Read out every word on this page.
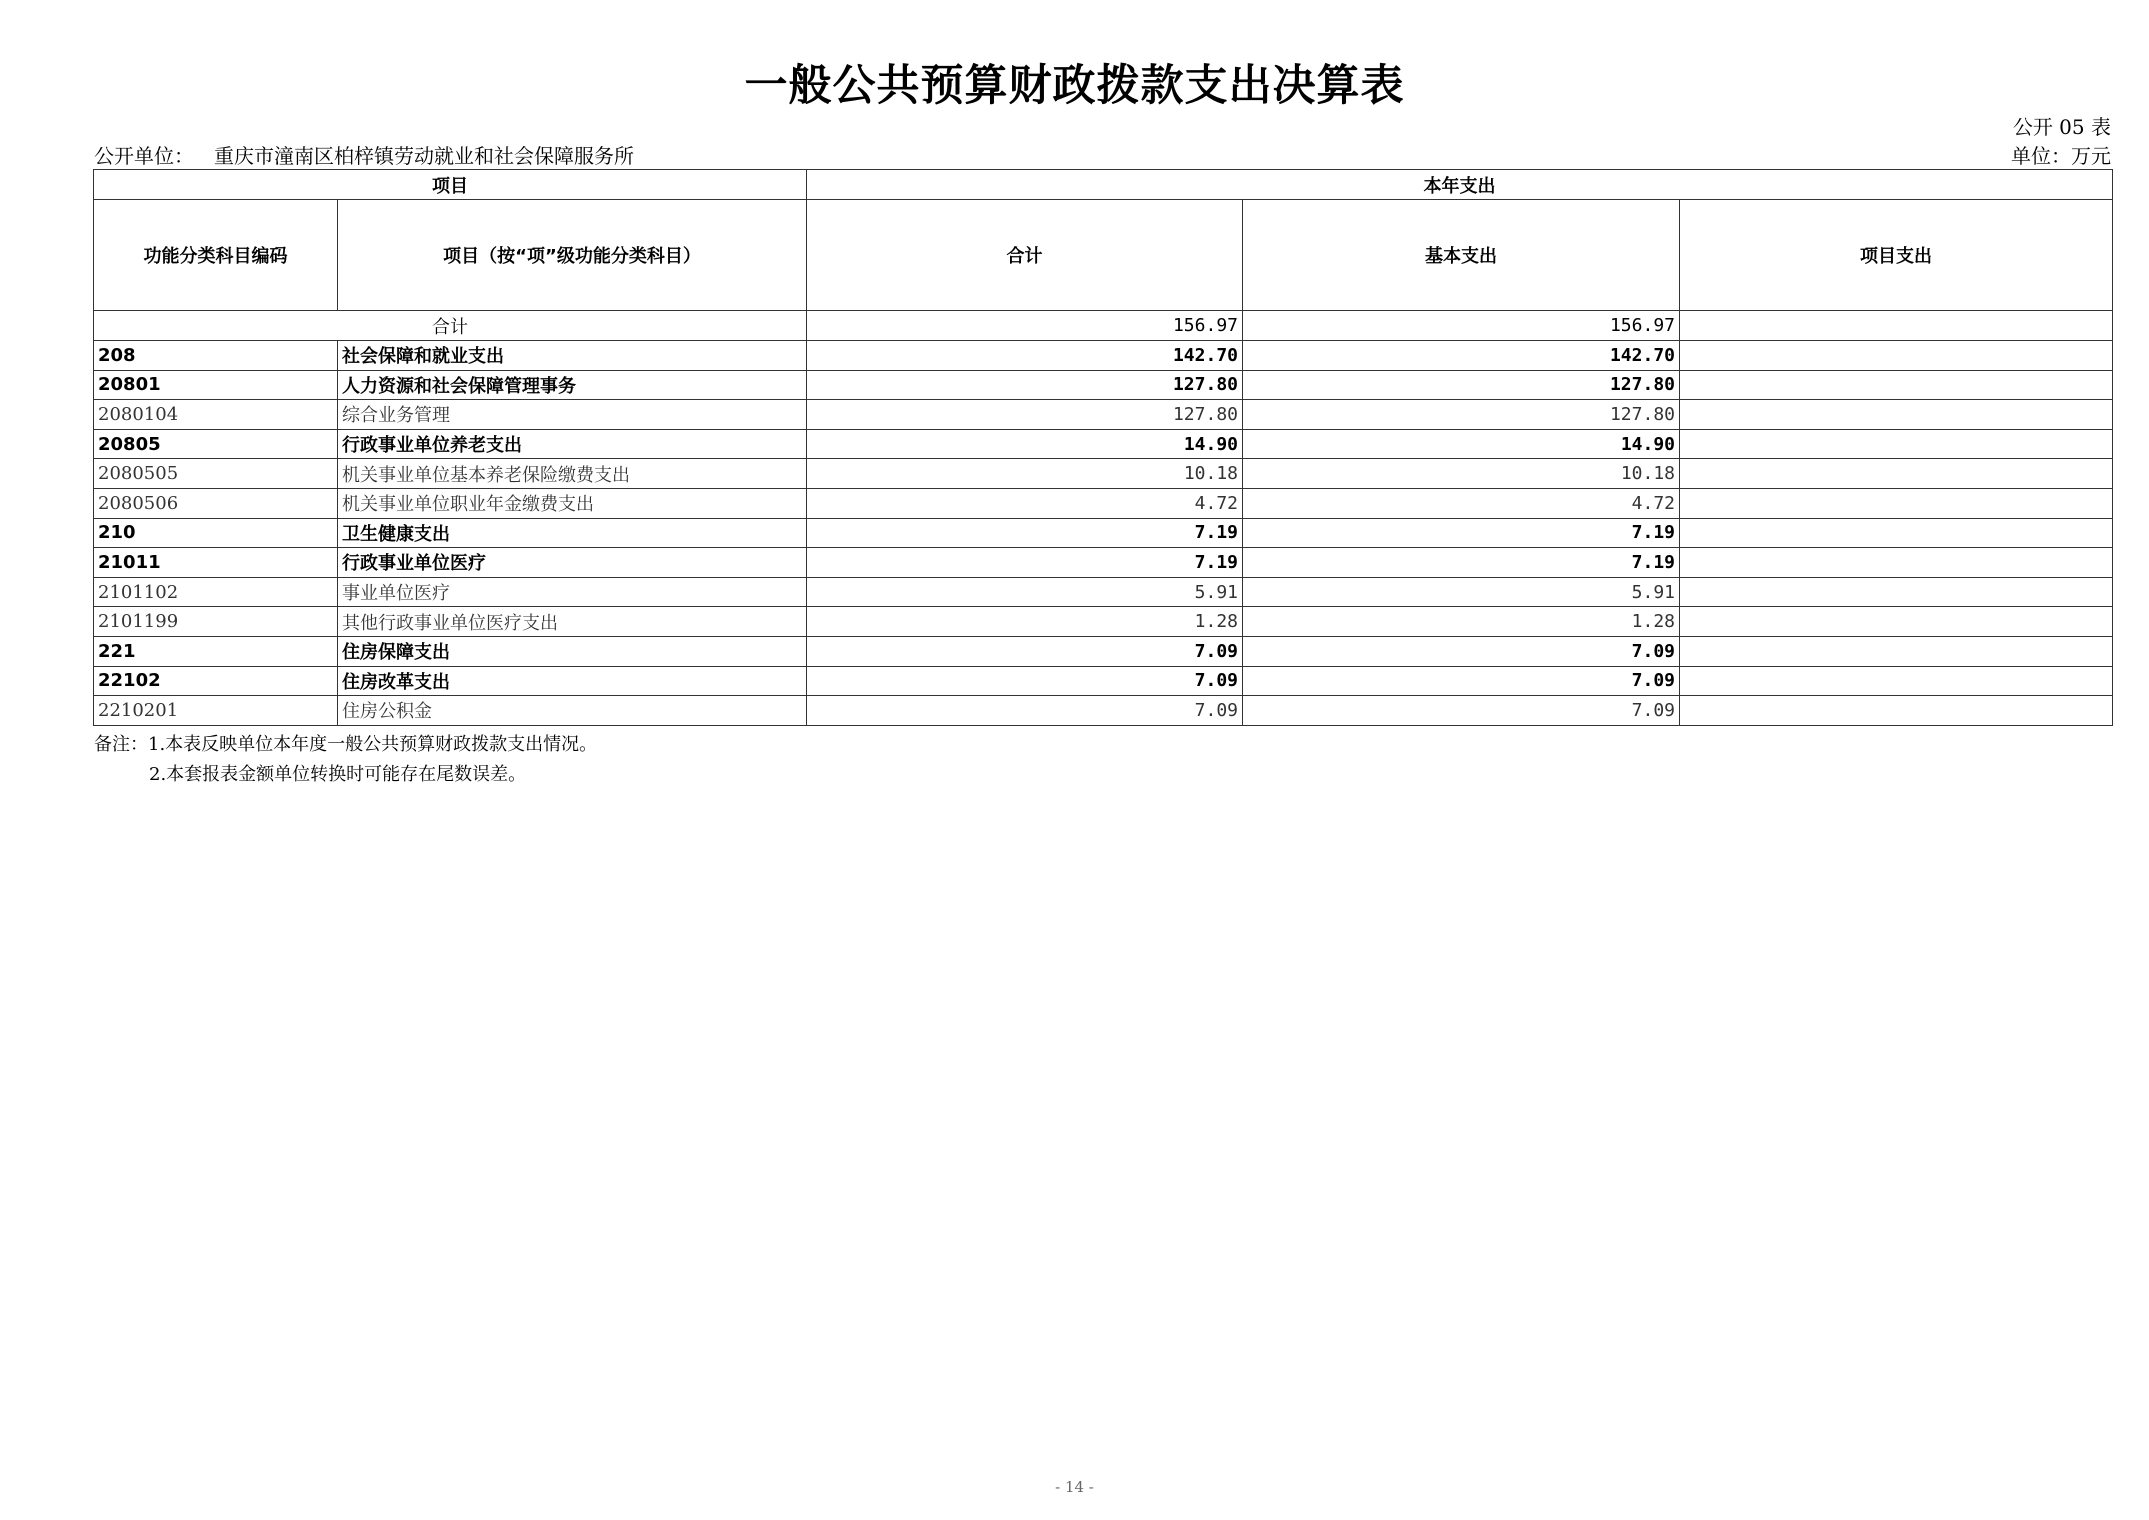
一般公共预算财政拨款支出决算表
公开 05 表
公开单位： 重庆市潼南区柏梓镇劳动就业和社会保障服务所	单位：万元
项目		本年支出		
功能分类科目编码	项目（按“项”级功能分类科目）	合计	基本支出	项目支出
合计		156.97	156.97	
208	社会保障和就业支出	142.70	142.70	
20801	人力资源和社会保障管理事务	127.80	127.80	
2080104	综合业务管理	127.80	127.80	
20805	行政事业单位养老支出	14.90	14.90	
2080505	机关事业单位基本养老保险缴费支出	10.18	10.18	
2080506	机关事业单位职业年金缴费支出	4.72	4.72	
210	卫生健康支出	7.19	7.19	
21011	行政事业单位医疗	7.19	7.19	
2101102	事业单位医疗	5.91	5.91	
2101199	其他行政事业单位医疗支出	1.28	1.28	
221	住房保障支出	7.09	7.09	
22102	住房改革支出	7.09	7.09	
2210201	住房公积金	7.09	7.09	
备注：1.本表反映单位本年度一般公共预算财政拨款支出情况。
2.本套报表金额单位转换时可能存在尾数误差。
- 14 -
